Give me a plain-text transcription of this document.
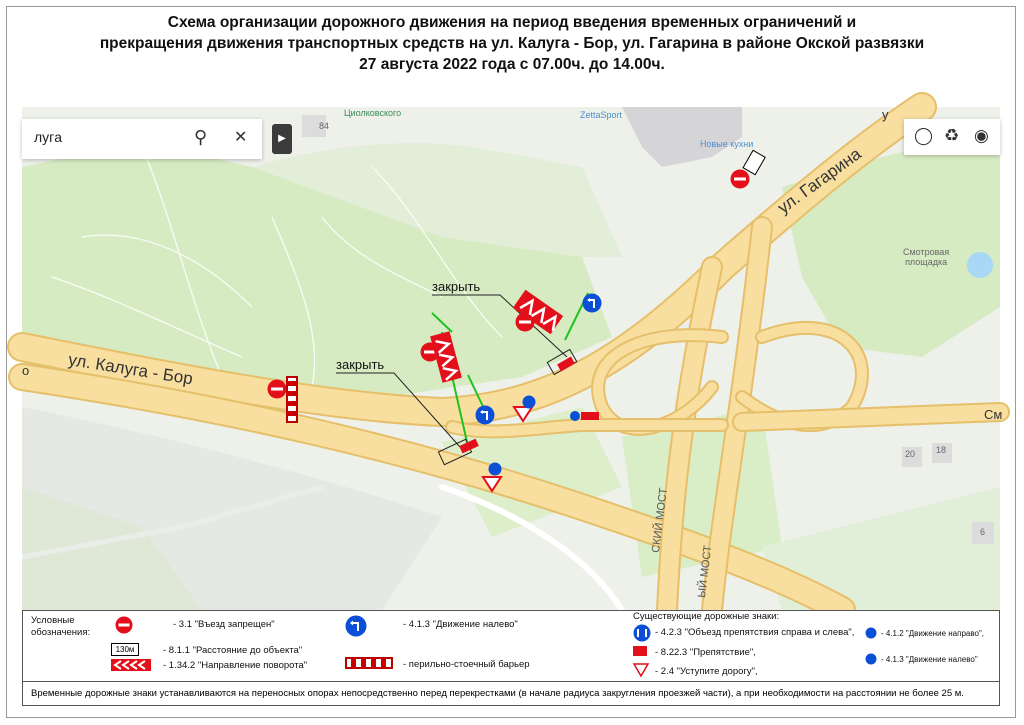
Схема организации дорожного движения на период введения временных ограничений и
прекращения движения транспортных средств на ул. Калуга - Бор, ул. Гагарина в районе Окской развязки
27 августа 2022 года с 07.00ч. до 14.00ч.
лугa	⚲ ✕	▶	◯ ♻ ◉
Циолковского	ZettaSport
Новые кухни
Смотровая
площадка
84
20 18
6
СКИЙ МОСТ
ЫЙ МОСТ
См
о
у
ул. Калуга - Бор
ул. Гагарина
закрыть
закрыть
Условные
обозначения:
- 3.1 "Въезд запрещен"
130м	- 8.1.1 "Расстояние до объекта"
- 1.34.2 "Направление поворота"
- 4.1.3 "Движение налево"
- перильно-стоечный барьер
Существующие дорожные знаки:
- 4.2.3 "Объезд препятствия справа и слева",
- 8.22.3 "Препятствие",
- 2.4 "Уступите дорогу",
- 4.1.2 "Движение направо",
- 4.1.3 "Движение налево"
Временные дорожные знаки устанавливаются на переносных опорах непосредственно перед перекрестками (в начале радиуса закругления проезжей части), а при необходимости на расстоянии не более 25 м.
